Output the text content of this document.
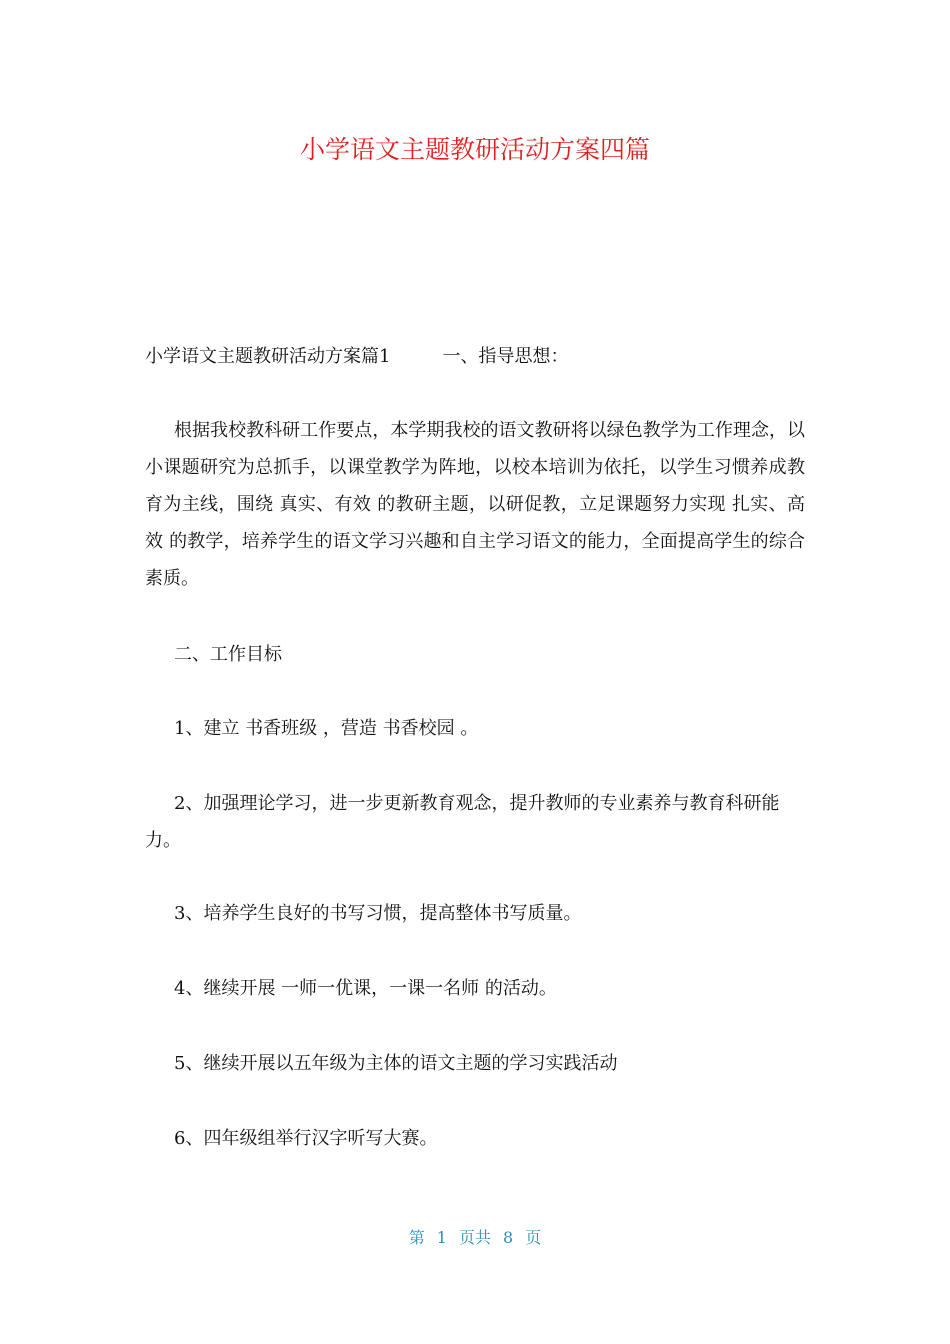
小学语文主题教研活动方案四篇
小学语文主题教研活动方案篇1	一、指导思想：
根据我校教科研工作要点，本学期我校的语文教研将以绿色教学为工作理念，以小课题研究为总抓手，以课堂教学为阵地，以校本培训为依托，以学生习惯养成教育为主线，围绕 真实、有效 的教研主题，以研促教，立足课题努力实现 扎实、高效 的教学，培养学生的语文学习兴趣和自主学习语文的能力，全面提高学生的综合素质。
二、工作目标
1、建立 书香班级 ，营造 书香校园 。
2、加强理论学习，进一步更新教育观念，提升教师的专业素养与教育科研能力。
3、培养学生良好的书写习惯，提高整体书写质量。
4、继续开展 一师一优课，一课一名师 的活动。
5、继续开展以五年级为主体的语文主题的学习实践活动
6、四年级组举行汉字听写大赛。
第 1 页共 8 页
